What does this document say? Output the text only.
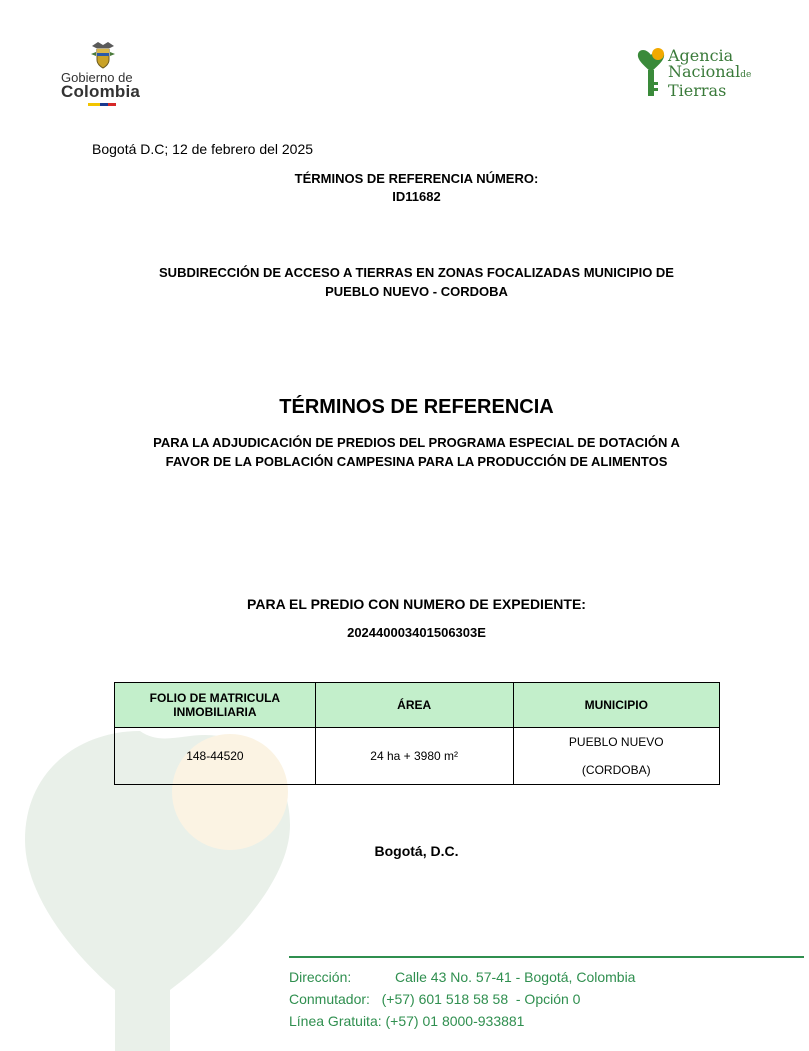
Gobierno de
Colombia
Agencia
Nacionalde
Tierras
Bogotá D.C; 12 de febrero del 2025
TÉRMINOS DE REFERENCIA NÚMERO:
ID11682
SUBDIRECCIÓN DE ACCESO A TIERRAS EN ZONAS FOCALIZADAS MUNICIPIO DE
PUEBLO NUEVO - CORDOBA
TÉRMINOS DE REFERENCIA
PARA LA ADJUDICACIÓN DE PREDIOS DEL PROGRAMA ESPECIAL DE DOTACIÓN A
FAVOR DE LA POBLACIÓN CAMPESINA PARA LA PRODUCCIÓN DE ALIMENTOS
PARA EL PREDIO CON NUMERO DE EXPEDIENTE:
202440003401506303E
FOLIO DE MATRICULA
INMOBILIARIA	ÁREA	MUNICIPIO
148-44520	24 ha + 3980 m²	PUEBLO NUEVO
(CORDOBA)
Bogotá, D.C.
Dirección:	Calle 43 No. 57-41 - Bogotá, Colombia
Conmutador: (+57) 601 518 58 58  - Opción 0
Línea Gratuita: (+57) 01 8000-933881
